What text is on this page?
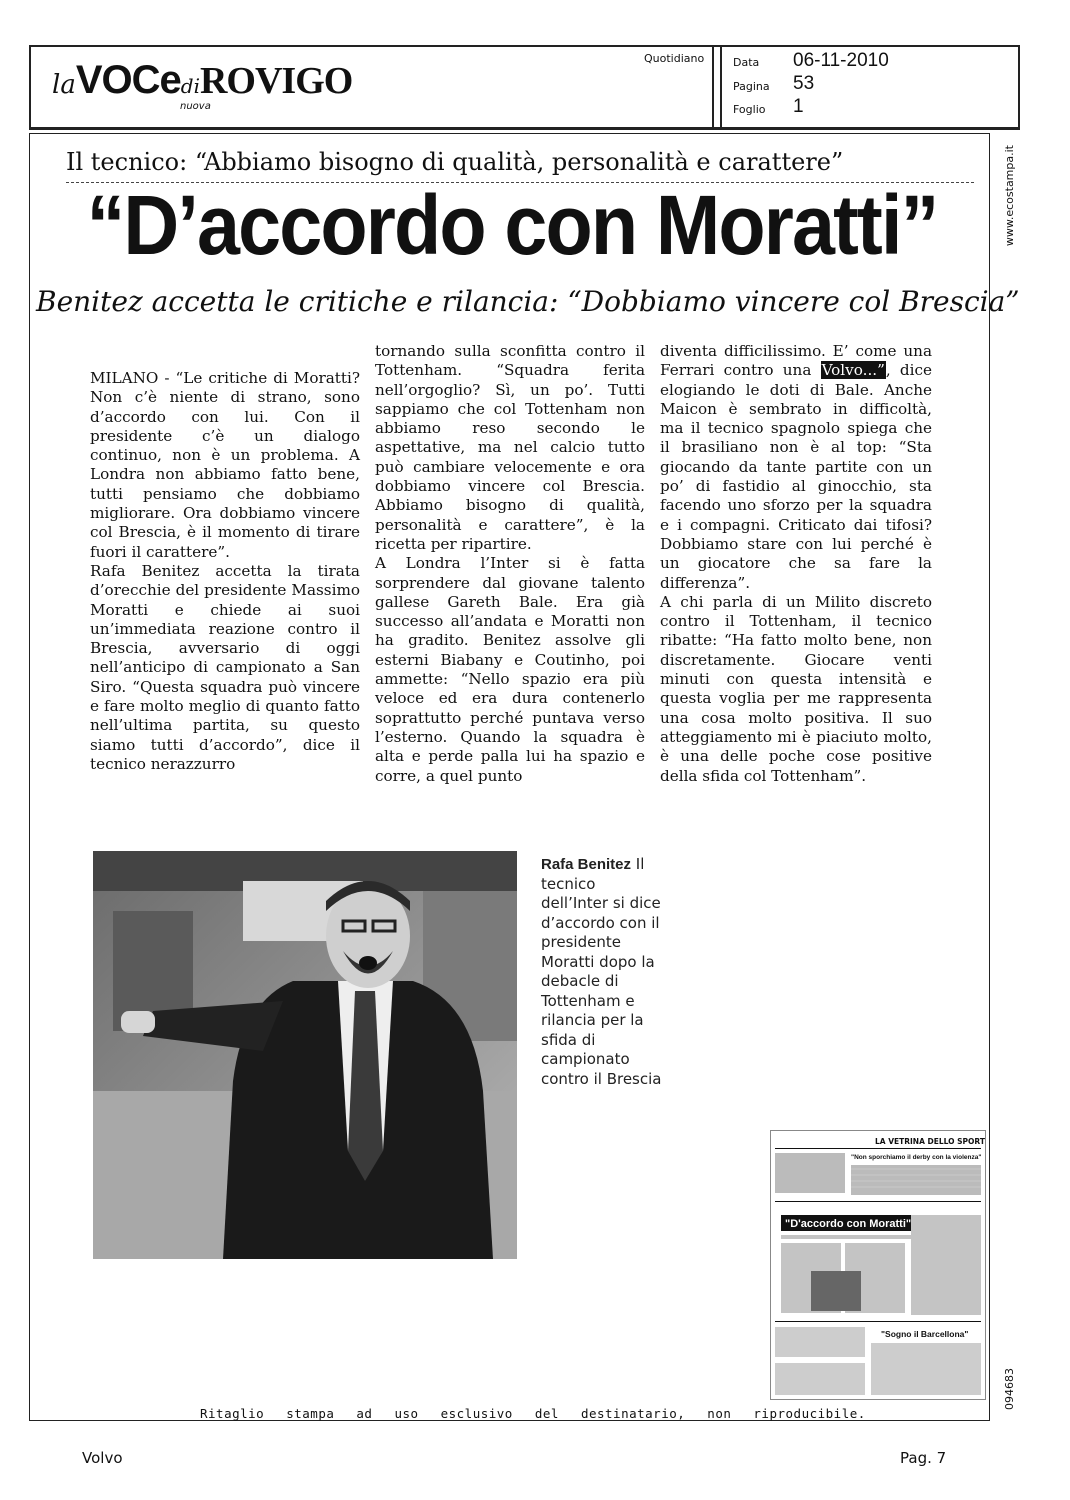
laVOCediROVIGO
nuova
Quotidiano	Data 06-11-2010
Pagina 53
Foglio 1
www.ecostampa.it
094683
Il tecnico: “Abbiamo bisogno di qualità, personalità e carattere”
“D’accordo con Moratti”
Benitez accetta le critiche e rilancia: “Dobbiamo vincere col Brescia”

MILANO - “Le critiche di Moratti? Non c’è niente di strano, sono d’accordo con lui. Con il presidente c’è un dialogo continuo, non è un problema. A Londra non abbiamo fatto bene, tutti pensiamo che dobbiamo migliorare. Ora dobbiamo vincere col Brescia, è il momento di tirare fuori il carattere”.

Rafa Benitez accetta la tirata d’orecchie del presidente Massimo Moratti e chiede ai suoi un’immediata reazione contro il Brescia, avversario di oggi nell’anticipo di campionato a San Siro. “Questa squadra può vincere e fare molto meglio di quanto fatto nell’ultima partita, su questo siamo tutti d’accordo”, dice il tecnico nerazzurro

tornando sulla sconfitta contro il Tottenham. “Squadra ferita nell’orgoglio? Sì, un po’. Tutti sappiamo che col Tottenham non abbiamo reso secondo le aspettative, ma nel calcio tutto può cambiare velocemente e ora dobbiamo vincere col Brescia. Abbiamo bisogno di qualità, personalità e carattere”, è la ricetta per ripartire.

A Londra l’Inter si è fatta sorprendere dal giovane talento gallese Gareth Bale. Era già successo all’andata e Moratti non ha gradito. Benitez assolve gli esterni Biabany e Coutinho, poi ammette: “Nello spazio era più veloce ed era dura contenerlo soprattutto perché puntava verso l’esterno. Quando la squadra è alta e perde palla lui ha spazio e corre, a quel punto

diventa difficilissimo. E’ come una Ferrari contro una Volvo...”, dice elogiando le doti di Bale. Anche Maicon è sembrato in difficoltà, ma il tecnico spagnolo spiega che il brasiliano non è al top: “Sta giocando da tante partite con un po’ di fastidio al ginocchio, sta facendo uno sforzo per la squadra e i compagni. Criticato dai tifosi? Dobbiamo stare con lui perché è un giocatore che sa fare la differenza”.

A chi parla di un Milito discreto contro il Tottenham, il tecnico ribatte: “Ha fatto molto bene, non discretamente. Giocare venti minuti con questa intensità e questa voglia per me rappresenta una cosa molto positiva. Il suo atteggiamento mi è piaciuto molto, è una delle poche cose positive della sfida col Tottenham”.

Rafa Benitez Il tecnico dell’Inter si dice d’accordo con il presidente Moratti dopo la debacle di Tottenham e rilancia per la sfida di campionato contro il Brescia
LA VETRINA DELLO SPORT
"Non sporchiamo il derby con la violenza"
"D'accordo con Moratti"
"Sogno il Barcellona"
Ritaglio stampa ad uso esclusivo del destinatario, non riproducibile.
Volvo	Pag. 7
